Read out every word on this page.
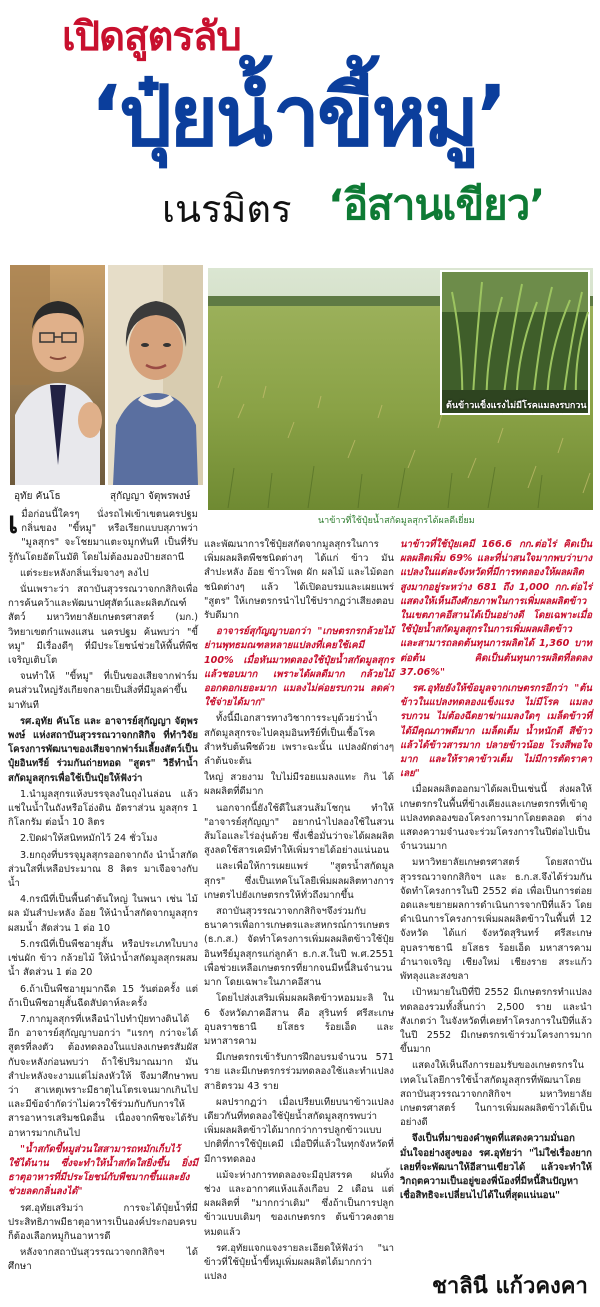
เปิดสูตรลับ
‘ปุ๋ยน้ำขี้หมู’
เนรมิตร ‘อีสานเขียว’
อุทัย คันโธ	สุกัญญา จัตุพรพงษ์
ต้นข้าวแข็งแรงไม่มีโรคแมลงรบกวน
นาข้าวที่ใช้ปุ๋ยน้ำสกัดมูลสุกรได้ผลดีเยี่ยม
เ มื่อก่อนนี้ใครๆ นั่งรถไฟเข้าเขตนครปฐม กลิ่นของ "ขี้หมู" หรือเรียกแบบสุภาพว่า "มูลสุกร" จะโชยมาแตะจมูกทันที เป็นที่รับรู้กันโดยอัตโนมัติ โดยไม่ต้องมองป้ายสถานี

แต่ระยะหลังกลิ่นเริ่มจางๆ ลงไป

นั่นเพราะว่า สถาบันสุวรรณวาจกกสิกิจเพื่อการค้นคว้าและพัฒนาปศุสัตว์และผลิตภัณฑ์สัตว์ มหาวิทยาลัยเกษตรศาสตร์ (มก.) วิทยาเขตกำแพงแสน นครปฐม ค้นพบว่า "ขี้หมู" มีเรื่องดีๆ ที่มีประโยชน์ช่วยให้พื้นที่พืชเจริญเติบโต

จนทำให้ "ขี้หมู" ที่เป็นของเสียจากฟาร์ม คนส่วนใหญ่รังเกียจกลายเป็นสิ่งที่มีมูลค่าขึ้นมาทันที

รศ.อุทัย คันโธ และ อาจารย์สุกัญญา จัตุพรพงษ์ แห่งสถาบันสุวรรณวาจกกสิกิจ ที่ทำวิจัยโครงการพัฒนาของเสียจากฟาร์มเลี้ยงสัตว์เป็นปุ๋ยอินทรีย์ ร่วมกันถ่ายทอด "สูตร" วิธีทำน้ำสกัดมูลสุกรเพื่อใช้เป็นปุ๋ยให้ฟังว่า

1.นำมูลสุกรแห้งบรรจุลงในถุงไนล่อน แล้วแช่ในน้ำในถังหรือโอ่งดิน อัตราส่วน มูลสุกร 1 กิโลกรัม ต่อน้ำ 10 ลิตร

2.ปิดฝาให้สนิทหมักไว้ 24 ชั่วโมง

3.ยกถุงที่บรรจุมูลสุกรออกจากถัง นำน้ำสกัดส่วนใสที่เหลือประมาณ 8 ลิตร มาเจือจางกับน้ำ

4.กรณีที่เป็นพื้นดำต้นใหญ่ ในพนา เช่น ไม้ผล มันสำปะหลัง อ้อย ให้นำน้ำสกัดจากมูลสุกรผสมน้ำ สัดส่วน 1 ต่อ 10

5.กรณีที่เป็นพืชอายุสั้น หรือประเภทใบบาง เช่นผัก ข้าว กล้วยไม้ ให้นำน้ำสกัดมูลสุกรผสมน้ำ สัดส่วน 1 ต่อ 20

6.ถ้าเป็นพืชอายุมากฉีด 15 วันต่อครั้ง แต่ถ้าเป็นพืชอายุสั้นฉีดสัปดาห์ละครั้ง

7.กากมูลสุกรที่เหลือนำไปทำปุ๋ยทางดินได้อีก อาจารย์สุกัญญาบอกว่า "แรกๆ กว่าจะได้สูตรที่ลงตัว ต้องทดลองในแปลงเกษตรสัมผัสกับจะหลังก่อนพบว่า ถ้าใช้ปริมาณมาก มันสำปะหลังจะงามแต่ไม่ลงหัวให้ จึงมาศึกษาพบว่า สาเหตุเพราะมีธาตุไนโตรเจนมากเกินไป และมีข้อจำกัดว่าไม่ควรใช้ร่วมกับกับการให้สารอาหารเสริมชนิดอื่น เนื่องจากพืชจะได้รับอาหารมากเกินไป

"น้ำสกัดขี้หมูส่วนใสสามารถหมักเก็บไว้ใช้ได้นาน ซึ่งจะทำให้น้ำสกัดใสยิ่งขึ้น ยิ่งมีธาตุอาหารที่มีประโยชน์กับพืชมากขึ้นและยังช่วยลดกลิ่นลงได้"

รศ.อุทัยเสริมว่า การจะได้ปุ๋ยน้ำที่มีประสิทธิภาพมีธาตุอาหารเป็นองค์ประกอบครบก็ต้องเลือกหมูกินอาหารดี

หลังจากสถาบันสุวรรณวาจกกสิกิจฯ ได้ศึกษา

และพัฒนาการใช้ปุ๋ยสกัดจากมูลสุกรในการเพิ่มผลผลิตพืชชนิดต่างๆ ได้แก่ ข้าว มันสำปะหลัง อ้อย ข้าวโพด ผัก ผลไม้ และไม้ดอกชนิดต่างๆ แล้ว ได้เปิดอบรมและเผยแพร่ "สูตร" ให้เกษตรกรนำไปใช้ปรากฏว่าเสียงตอบรับดีมาก

อาจารย์สุกัญญาบอกว่า "เกษตรกรกล้วยไม้ย่านพุทธมณฑลหลายแปลงที่เคยใช้เคมี 100% เมื่อหันมาทดลองใช้ปุ๋ยน้ำสกัดมูลสุกรแล้วชอบมาก เพราะได้ผลดีมาก กล้วยไม้ออกดอกเยอะมาก แมลงไม่ค่อยรบกวน ลดค่าใช้จ่ายได้มาก"

ทั้งนี้มีเอกสารทางวิชาการระบุด้วยว่าน้ำสกัดมูลสุกรจะไปคลุมอินทรีย์ที่เป็นเชื้อโรคสำหรับต้นพืชด้วย เพราะฉะนั้น แปลงผักต่างๆ ลำต้นจะต้น

ใหญ่ สวยงาม ใบไม่มีรอยแมลงแทะ กิน ได้ผลผลิตที่ดีมาก

นอกจากนี้ยังใช้ดีในสวนส้มโชกุน ทำให้ "อาจารย์สุกัญญา" อยากนำไปลองใช้ในสวนส้มโอและไร่องุ่นด้วย ซึ่งเชื่อมั่นว่าจะได้ผลผลิตสูงลดใช้สารเคมีทำให้เพิ่มรายได้อย่างแน่นอน

และเพื่อให้การเผยแพร่ "สูตรน้ำสกัดมูลสุกร" ซึ่งเป็นเทคโนโลยีเพิ่มผลผลิตทางการเกษตรไปยังเกษตรกรให้ทั่วถึงมากขึ้น

สถาบันสุวรรณวาจกกสิกิจฯจึงร่วมกับธนาคารเพื่อการเกษตรและสหกรณ์การเกษตร (ธ.ก.ส.) จัดทำโครงการเพิ่มผลผลิตข้าวใช้ปุ๋ยอินทรีย์มูลสุกรแก่ลูกค้า ธ.ก.ส.ในปี พ.ศ.2551 เพื่อช่วยเหลือเกษตรกรที่ยากจนมีหนี้สินจำนวนมาก โดยเฉพาะในภาคอีสาน

โดยไปส่งเสริมเพิ่มผลผลิตข้าวหอมมะลิ ใน 6 จังหวัดภาคอีสาน คือ สุรินทร์ ศรีสะเกษ อุบลราชธานี ยโสธร ร้อยเอ็ด และมหาสารคาม

มีเกษตรกรเข้ารับการฝึกอบรมจำนวน 571 ราย และมีเกษตรกรร่วมทดลองใช้และทำแปลงสาธิตรวม 43 ราย

ผลปรากฏว่า เมื่อเปรียบเทียบนาข้าวแปลงเดียวกันที่ทดลองใช้ปุ๋ยน้ำสกัดมูลสุกรพบว่า เพิ่มผลผลิตข้าวได้มากกว่าการปลูกข้าวแบบปกติที่การใช้ปุ๋ยเคมี เมื่อปีที่แล้วในทุกจังหวัดที่มีการทดลอง

แม้จะห่างการทดลองจะมีอุปสรรค ฝนทิ้งช่วง และอากาศแห้งแล้งเกือบ 2 เดือน แต่ผลผลิตที่ "มากกว่าเดิม" ซึ่งถ้าเป็นการปลูกข้าวแบบเดิมๆ ของเกษตรกร ต้นข้าวคงตายหมดแล้ว

รศ.อุทัยแจกแจงรายละเอียดให้ฟังว่า "นาข้าวที่ใช้ปุ๋ยน้ำขี้หมูเพิ่มผลผลิตได้มากกว่าแปลง

นาข้าวที่ใช้ปุ๋ยเคมี 166.6 กก.ต่อไร่ คิดเป็นผลผลิตเพิ่ม 69% และที่น่าสนใจมากพบว่าบางแปลงในแต่ละจังหวัดที่มีการทดลองให้ผลผลิตสูงมากอยู่ระหว่าง 681 ถึง 1,000 กก.ต่อไร่ แสดงให้เห็นถึงศักยภาพในการเพิ่มผลผลิตข้าวในเขตภาคอีสานได้เป็นอย่างดี โดยเฉพาะเมื่อใช้ปุ๋ยน้ำสกัดมูลสุกรในการเพิ่มผลผลิตข้าว และสามารถลดต้นทุนการผลิตได้ 1,360 บาทต่อต้น คิดเป็นต้นทุนการผลิตที่ลดลง 37.06%"

รศ.อุทัยยังให้ข้อมูลจากเกษตรกรอีกว่า "ต้นข้าวในแปลงทดลองแข็งแรง ไม่มีโรค แมลงรบกวน ไม่ต้องฉีดยาฆ่าแมลงใดๆ เมล็ดข้าวที่ได้มีคุณภาพดีมาก เมล็ดเต็ม น้ำหนักดี สีข้าวแล้วได้ข้าวสารมาก ปลายข้าวน้อย โรงสีพอใจมาก และให้ราคาข้าวเต็ม ไม่มีการตัดราคาเลย"

เมื่อผลผลิตออกมาได้ผลเป็นเช่นนี้ ส่งผลให้เกษตรกรในพื้นที่ข้างเคียงและเกษตรกรที่เข้าดูแปลงทดลองของโครงการมากโดยตลอด ต่างแสดงความจำนงจะร่วมโครงการในปีต่อไปเป็นจำนวนมาก

มหาวิทยาลัยเกษตรศาสตร์ โดยสถาบันสุวรรณวาจกกสิกิจฯ และ ธ.ก.ส.จึงได้ร่วมกันจัดทำโครงการในปี 2552 ต่อ เพื่อเป็นการต่อยอดและขยายผลการดำเนินการจากปีที่แล้ว โดยดำเนินการโครงการเพิ่มผลผลิตข้าวในพื้นที่ 12 จังหวัด ได้แก่ จังหวัดสุรินทร์ ศรีสะเกษ อุบลราชธานี ยโสธร ร้อยเอ็ด มหาสารคาม อำนาจเจริญ เชียงใหม่ เชียงราย สระแก้ว พัทลุงและสงขลา

เป้าหมายในปีที่ปี 2552 มีเกษตรกรทำแปลงทดลองรวมทั้งสิ้นกว่า 2,500 ราย และนำสังเกตว่า ในจังหวัดที่เคยทำโครงการในปีที่แล้วในปี 2552 มีเกษตรกรเข้าร่วมโครงการมากขึ้นมาก

แสดงให้เห็นถึงการยอมรับของเกษตรกรในเทคโนโลยีการใช้น้ำสกัดมูลสุกรที่พัฒนาโดยสถาบันสุวรรณวาจกกสิกิจฯ มหาวิทยาลัยเกษตรศาสตร์ ในการเพิ่มผลผลิตข้าวได้เป็นอย่างดี

จึงเป็นที่มาของคำพูดที่แสดงความมั่นอกมั่นใจอย่างสูงของ รศ.อุทัยว่า "ไม่ใช่เรื่องยากเลยที่จะพัฒนาให้อีสานเขียวได้ แล้วจะทำให้วิกฤตความเป็นอยู่ของพี่น้องที่มีหนี้สินปัญหาเชื่อสิทธิจะเปลี่ยนไปได้ในที่สุดแน่นอน"

ชาลินี แก้วคงคา
